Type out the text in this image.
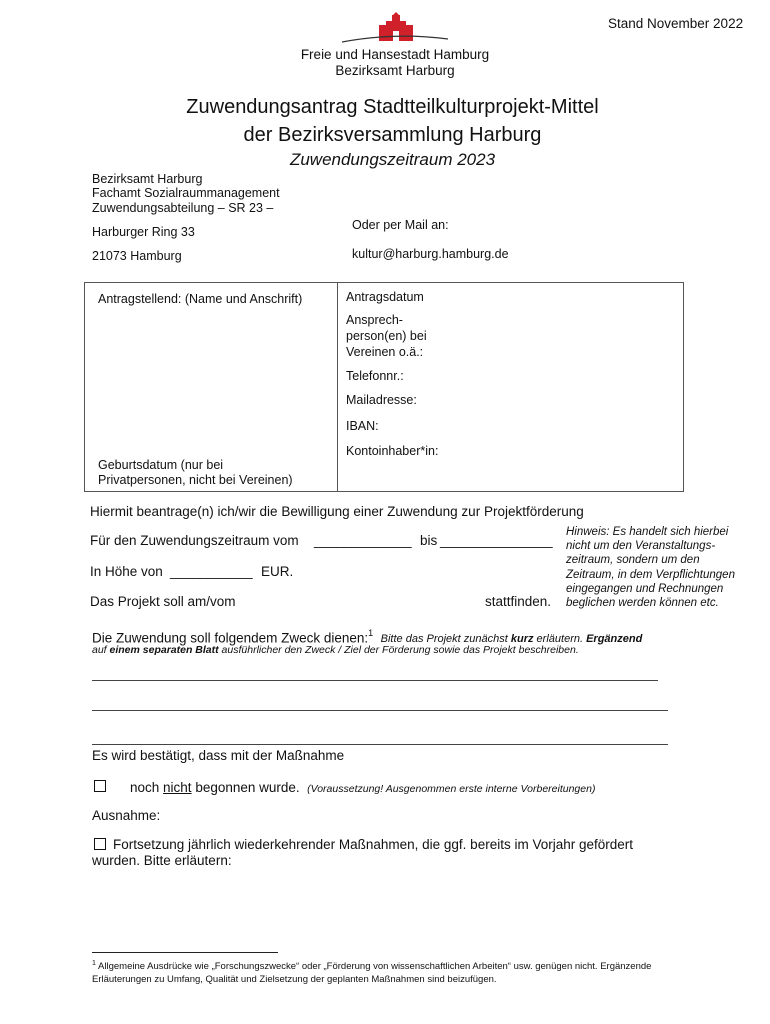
Stand November 2022
Freie und Hansestadt Hamburg
Bezirksamt Harburg
Zuwendungsantrag Stadtteilkulturprojekt-Mittel
der Bezirksversammlung Harburg
Zuwendungszeitraum 2023
Bezirksamt Harburg
Fachamt Sozialraummanagement
Zuwendungsabteilung – SR 23 –
Harburger Ring 33
21073 Hamburg
Oder per Mail an:
kultur@harburg.hamburg.de
Antragstellend: (Name und Anschrift)
Geburtsdatum (nur bei
Privatpersonen, nicht bei Vereinen)
Antragsdatum
Ansprech-
person(en) bei
Vereinen o.ä.:
Telefonnr.:
Mailadresse:
IBAN:
Kontoinhaber*in:
Hiermit beantrage(n) ich/wir die Bewilligung einer Zuwendung zur Projektförderung
Für den Zuwendungszeitraum vom _____________ bis _______________
In Höhe von ___________ EUR.
Das Projekt soll am/vom	stattfinden.
Hinweis: Es handelt sich hierbei
nicht um den Veranstaltungs-
zeitraum, sondern um den
Zeitraum, in dem Verpflichtungen
eingegangen und Rechnungen
beglichen werden können etc.
Die Zuwendung soll folgendem Zweck dienen:$^1$ Bitte das Projekt zunächst kurz erläutern. Ergänzend
auf einem separaten Blatt ausführlicher den Zweck / Ziel der Förderung sowie das Projekt beschreiben.
Es wird bestätigt, dass mit der Maßnahme
noch nicht begonnen wurde. (Voraussetzung! Ausgenommen erste interne Vorbereitungen)
Ausnahme:
Fortsetzung jährlich wiederkehrender Maßnahmen, die ggf. bereits im Vorjahr gefördert
wurden. Bitte erläutern:
$^1$ Allgemeine Ausdrücke wie „Forschungszwecke“ oder „Förderung von wissenschaftlichen Arbeiten“ usw. genügen nicht. Ergänzende Erläuterungen zu Umfang, Qualität und Zielsetzung der geplanten Maßnahmen sind beizufügen.
